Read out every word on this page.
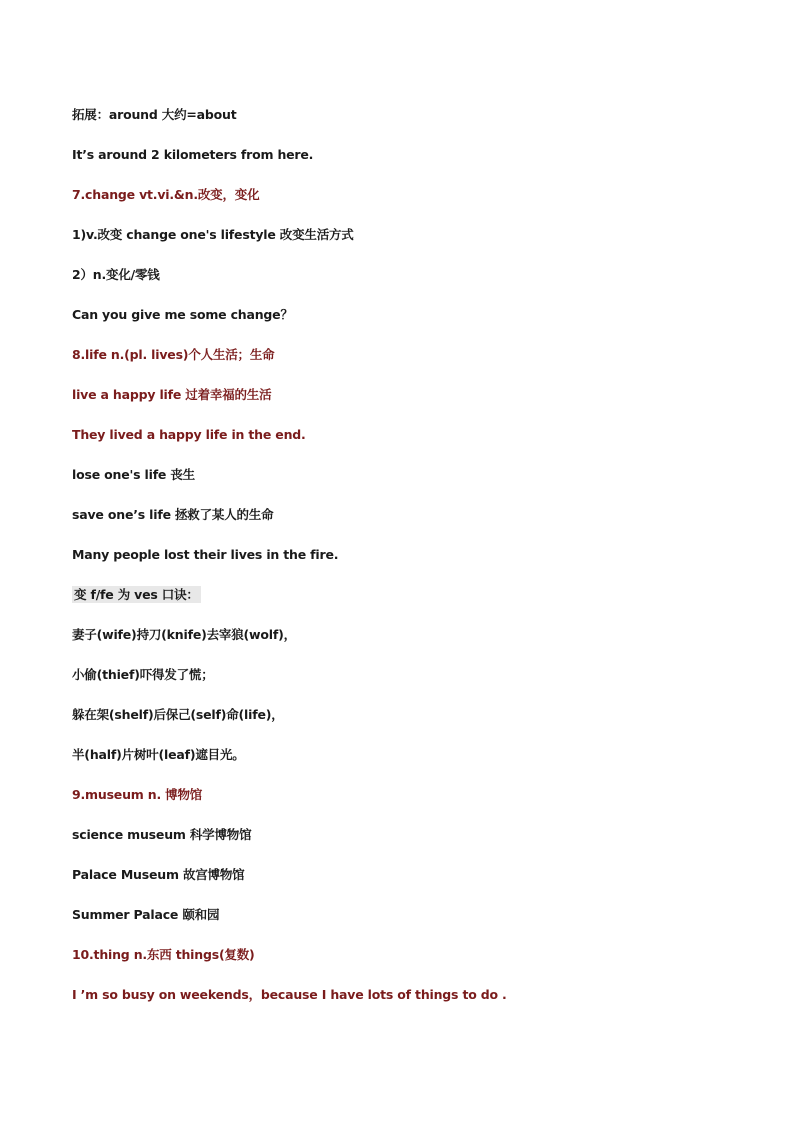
拓展：around 大约=about
It’s around 2 kilometers from here.
7.change vt.vi.&n.改变，变化
1)v.改变 change one's lifestyle 改变生活方式
2）n.变化/零钱
Can you give me some change？
8.life n.(pl. lives)个人生活；生命
live a happy life 过着幸福的生活
They lived a happy life in the end.
lose one's life 丧生
save one’s life 拯救了某人的生命
Many people lost their lives in the fire.
变 f/fe 为 ves 口诀：
妻子(wife)持刀(knife)去宰狼(wolf)，
小偷(thief)吓得发了慌；
躲在架(shelf)后保己(self)命(life)，
半(half)片树叶(leaf)遮目光。
9.museum n. 博物馆
science museum 科学博物馆
Palace Museum 故宫博物馆
Summer Palace 颐和园
10.thing n.东西 things(复数)
I ’m so busy on weekends，because I have lots of things to do .
